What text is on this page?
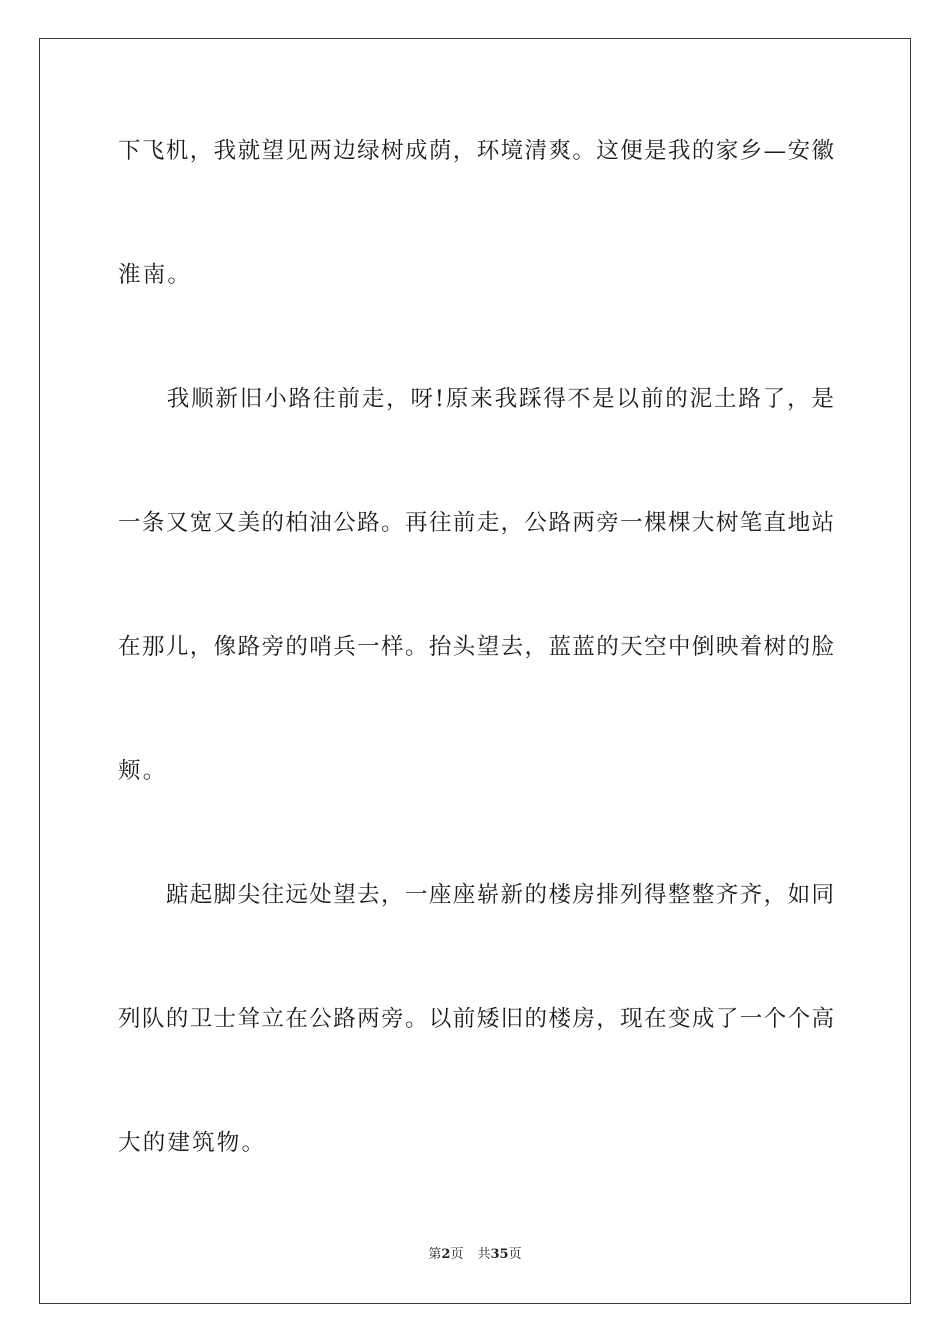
下飞机，我就望见两边绿树成荫，环境清爽。这便是我的家乡—安徽
淮南。
　　我顺新旧小路往前走，呀!原来我踩得不是以前的泥土路了，是
一条又宽又美的柏油公路。再往前走，公路两旁一棵棵大树笔直地站
在那儿，像路旁的哨兵一样。抬头望去，蓝蓝的天空中倒映着树的脸
颊。
　　踮起脚尖往远处望去，一座座崭新的楼房排列得整整齐齐，如同
列队的卫士耸立在公路两旁。以前矮旧的楼房，现在变成了一个个高
大的建筑物。
第2页 共35页
